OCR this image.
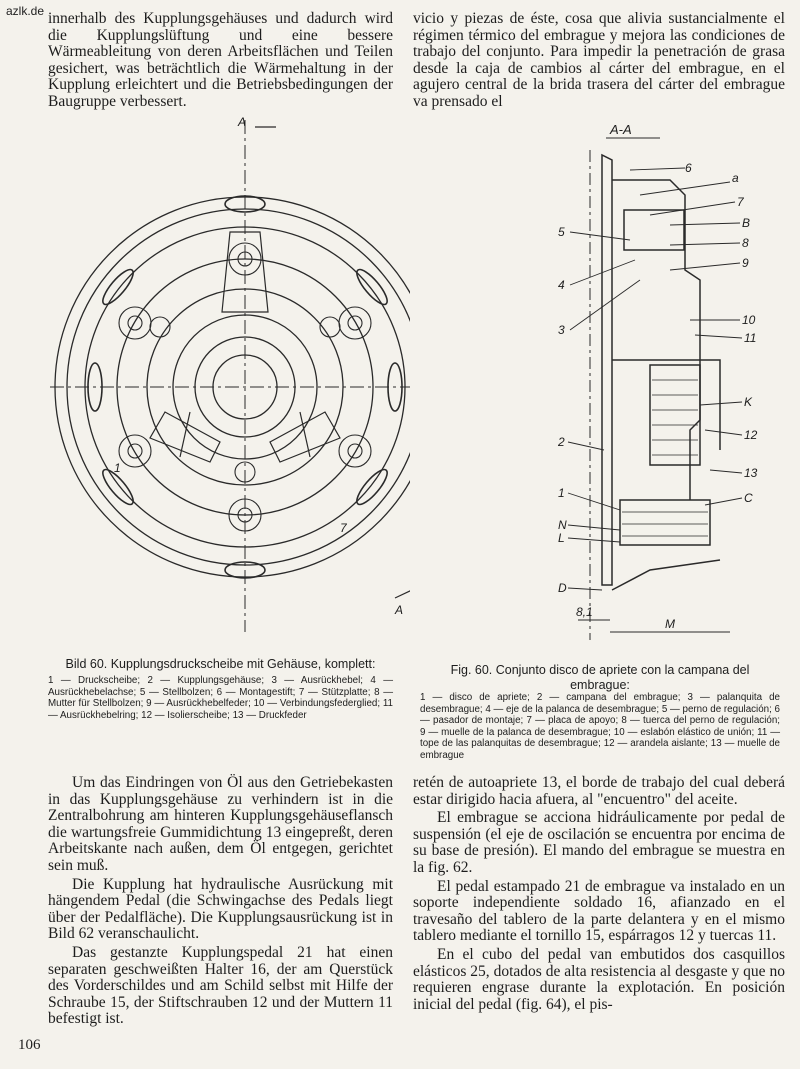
azlk.de innerhalb des Kupplungsgehäuses und dadurch wird die Kupplungslüftung und eine bessere Wärmeableitung von deren Arbeitsflächen und Teilen gesichert, was beträchtlich die Wärmehaltung in der Kupplung erleichtert und die Betriebsbedingungen der Baugruppe verbessert.

vicio y piezas de éste, cosa que alivia sustancialmente el régimen térmico del embrague y mejora las condiciones de trabajo del conjunto. Para impedir la penetración de grasa desde la caja de cambios al cárter del embrague, en el agujero central de la brida trasera del cárter del embrague va prensado el

A
A
1
7
A-A
6
a
7
B
5
8
4
9
3
10
11
2
K
12
13
1	C
N
L
D
8,1
M
Bild 60. Kupplungsdruckscheibe mit Gehäuse, komplett:
1 — Druckscheibe; 2 — Kupplungsgehäuse; 3 — Ausrückhebel; 4 — Ausrückhebelachse; 5 — Stellbolzen; 6 — Montagestift; 7 — Stützplatte; 8 — Mutter für Stellbolzen; 9 — Ausrückhebelfeder; 10 — Verbindungsfederglied; 11 — Ausrückhebelring; 12 — Isolierscheibe; 13 — Druckfeder
Fig. 60. Conjunto disco de apriete con la campana del embrague:
1 — disco de apriete; 2 — campana del embrague; 3 — palanquita de desembrague; 4 — eje de la palanca de desembrague; 5 — perno de regulación; 6 — pasador de montaje; 7 — placa de apoyo; 8 — tuerca del perno de regulación; 9 — muelle de la palanca de desembrague; 10 — eslabón elástico de unión; 11 — tope de las palanquitas de desembrague; 12 — arandela aislante; 13 — muelle de embrague

Um das Eindringen von Öl aus den Getriebekasten in das Kupplungsgehäuse zu verhindern ist in die Zentralbohrung am hinteren Kupplungsgehäuseflansch die wartungsfreie Gummidichtung 13 eingepreßt, deren Arbeitskante nach außen, dem Öl entgegen, gerichtet sein muß.

Die Kupplung hat hydraulische Ausrückung mit hängendem Pedal (die Schwingachse des Pedals liegt über der Pedalfläche). Die Kupplungsausrückung ist in Bild 62 veranschaulicht.

Das gestanzte Kupplungspedal 21 hat einen separaten geschweißten Halter 16, der am Querstück des Vorderschildes und am Schild selbst mit Hilfe der Schraube 15, der Stiftschrauben 12 und der Muttern 11 befestigt ist.

retén de autoapriete 13, el borde de trabajo del cual deberá estar dirigido hacia afuera, al "encuentro" del aceite.

El embrague se acciona hidráulicamente por pedal de suspensión (el eje de oscilación se encuentra por encima de su base de presión). El mando del embrague se muestra en la fig. 62.

El pedal estampado 21 de embrague va instalado en un soporte independiente soldado 16, afianzado en el travesaño del tablero de la parte delantera y en el mismo tablero mediante el tornillo 15, espárragos 12 y tuercas 11.

En el cubo del pedal van embutidos dos casquillos elásticos 25, dotados de alta resistencia al desgaste y que no requieren engrase durante la explotación. En posición inicial del pedal (fig. 64), el pis-

106
